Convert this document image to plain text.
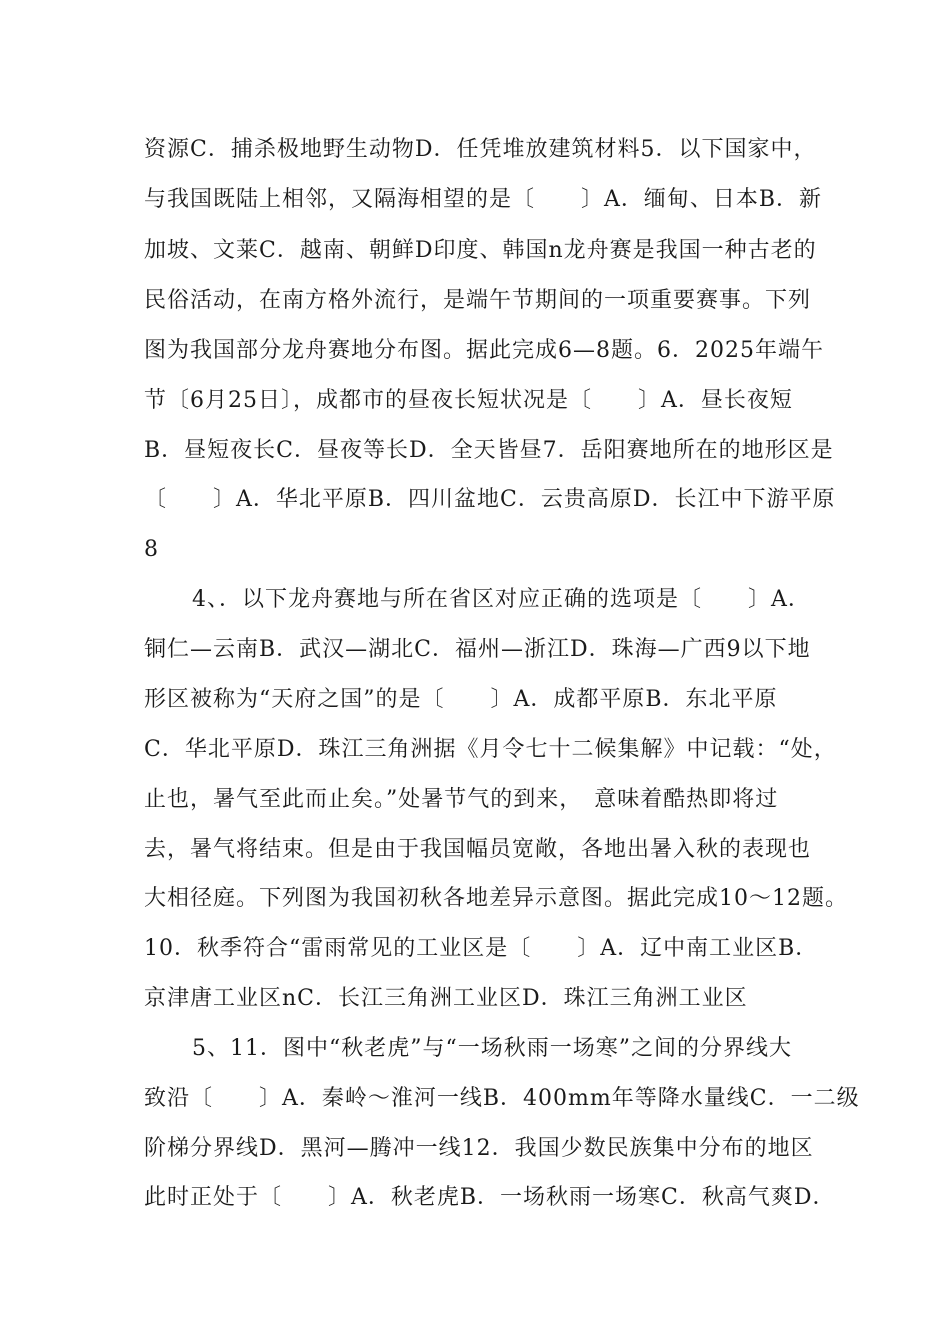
资源C．捕杀极地野生动物D．任凭堆放建筑材料5．以下国家中，
与我国既陆上相邻，又隔海相望的是〔　　〕A．缅甸、日本B．新
加坡、文莱C．越南、朝鲜D印度、韩国n龙舟赛是我国一种古老的
民俗活动，在南方格外流行，是端午节期间的一项重要赛事。下列
图为我国部分龙舟赛地分布图。据此完成6—8题。6．2025年端午
节〔6月25日〕，成都市的昼夜长短状况是〔　　〕A．昼长夜短
B．昼短夜长C．昼夜等长D．全天皆昼7．岳阳赛地所在的地形区是
〔　　〕A．华北平原B．四川盆地C．云贵高原D．长江中下游平原
8
4、．以下龙舟赛地与所在省区对应正确的选项是〔　　〕A．
铜仁—云南B．武汉—湖北C．福州—浙江D．珠海—广西9以下地
形区被称为“天府之国”的是〔　　〕A．成都平原B．东北平原
C．华北平原D．珠江三角洲据《月令七十二候集解》中记载：“处，
止也，暑气至此而止矣。”处暑节气的到来，　意味着酷热即将过
去，暑气将结束。但是由于我国幅员宽敞，各地出暑入秋的表现也
大相径庭。下列图为我国初秋各地差异示意图。据此完成10～12题。
10．秋季符合“雷雨常见的工业区是〔　　〕A．辽中南工业区B．
京津唐工业区nC．长江三角洲工业区D．珠江三角洲工业区
5、11．图中“秋老虎”与“一场秋雨一场寒”之间的分界线大
致沿〔　　〕A．秦岭～淮河一线B．400mm年等降水量线C．一二级
阶梯分界线D．黑河—腾冲一线12．我国少数民族集中分布的地区
此时正处于〔　　〕A．秋老虎B．一场秋雨一场寒C．秋高气爽D．
